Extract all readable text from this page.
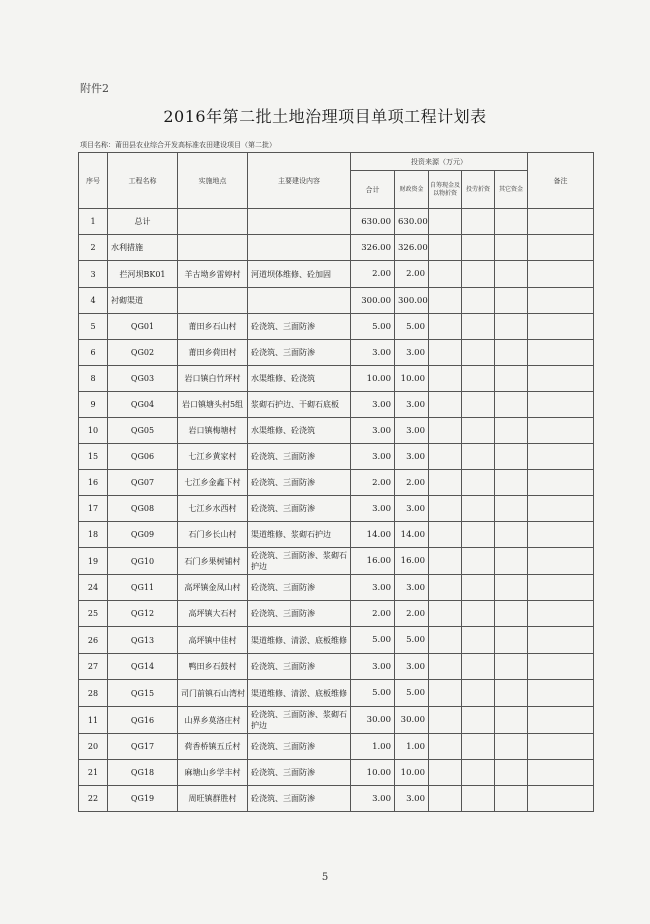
附件2
2016年第二批土地治理项目单项工程计划表
项目名称：莆田县农业综合开发高标准农田建设项目（第二批）
序号	工程名称	实施地点	主要建设内容	投资来源（万元）					备注
				合计	财政资金	自筹现金及以物折资	投劳折资	其它资金	
1	总计			630.00	630.00				
2	水利措施			326.00	326.00				
3	拦河坝BK01	羊古坳乡雷婷村	河道坝体维修、砼加固	2.00	2.00				
4	衬砌渠道			300.00	300.00				
5	QG01	莆田乡石山村	砼浇筑、三面防渗	5.00	5.00				
6	QG02	莆田乡荷田村	砼浇筑、三面防渗	3.00	3.00				
8	QG03	岩口镇白竹坪村	水渠维修、砼浇筑	10.00	10.00				
9	QG04	岩口镇塘头村5组	浆砌石护边、干砌石底板	3.00	3.00				
10	QG05	岩口镇梅塘村	水渠维修、砼浇筑	3.00	3.00				
15	QG06	七江乡黄家村	砼浇筑、三面防渗	3.00	3.00				
16	QG07	七江乡金鑫下村	砼浇筑、三面防渗	2.00	2.00				
17	QG08	七江乡水西村	砼浇筑、三面防渗	3.00	3.00				
18	QG09	石门乡长山村	渠道维修、浆砌石护边	14.00	14.00				
19	QG10	石门乡果树铺村	砼浇筑、三面防渗、浆砌石护边	16.00	16.00				
24	QG11	高坪镇金凤山村	砼浇筑、三面防渗	3.00	3.00				
25	QG12	高坪镇大石村	砼浇筑、三面防渗	2.00	2.00				
26	QG13	高坪镇中佳村	渠道维修、清淤、底板维修	5.00	5.00				
27	QG14	鸭田乡石鼓村	砼浇筑、三面防渗	3.00	3.00				
28	QG15	司门前镇石山湾村	渠道维修、清淤、底板维修	5.00	5.00				
11	QG16	山界乡莫洛庄村	砼浇筑、三面防渗、浆砌石护边	30.00	30.00				
20	QG17	荷香桥镇五丘村	砼浇筑、三面防渗	1.00	1.00				
21	QG18	麻塘山乡学丰村	砼浇筑、三面防渗	10.00	10.00				
22	QG19	周旺镇群胜村	砼浇筑、三面防渗	3.00	3.00				
5
